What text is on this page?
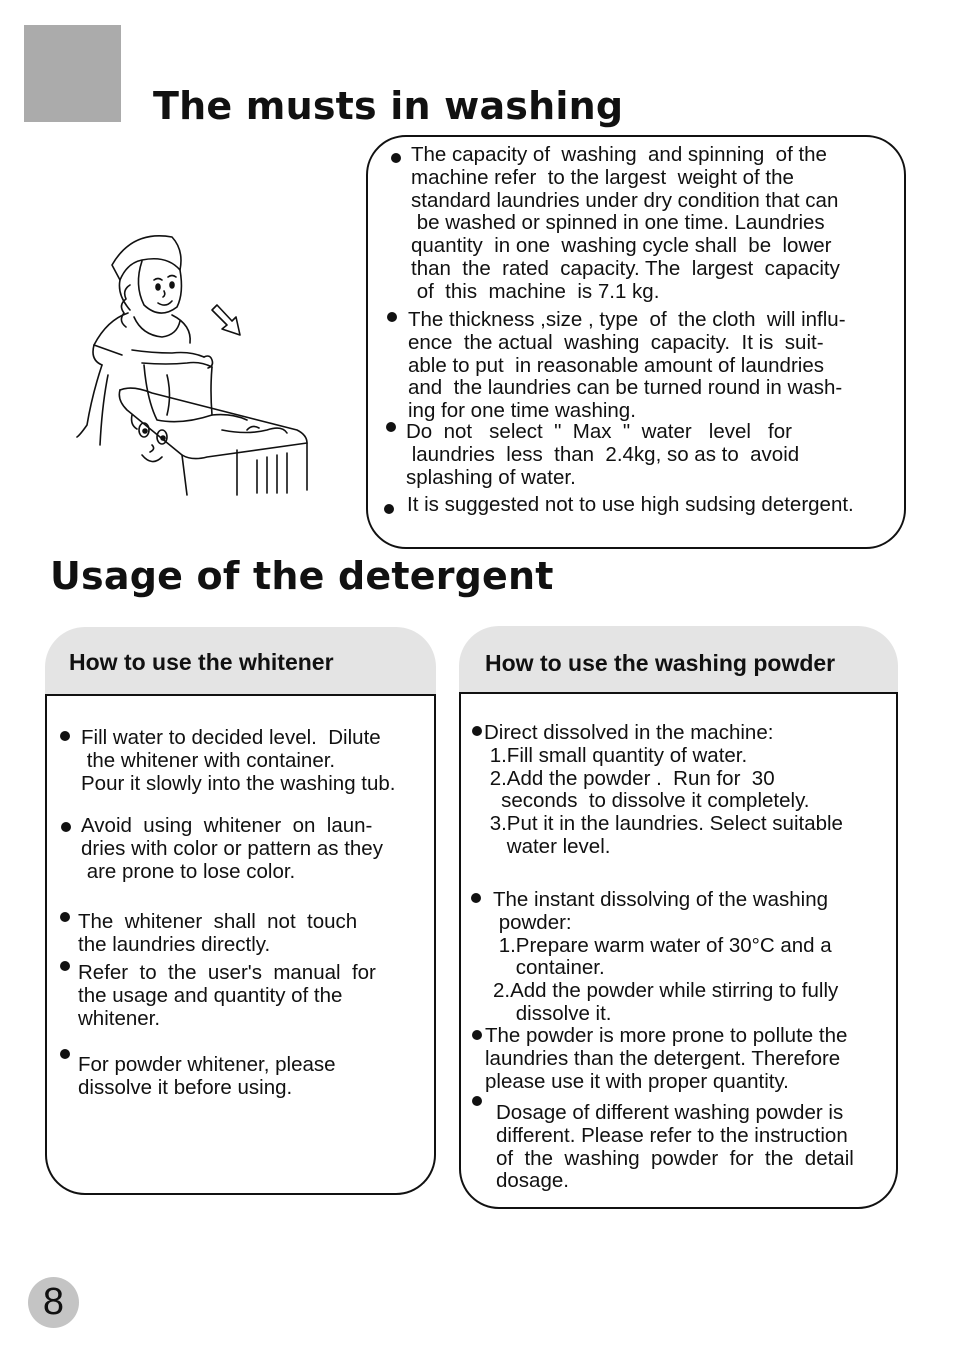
The musts in washing
The capacity of  washing  and spinning  of the
machine refer  to the largest  weight of the
standard laundries under dry condition that can
be washed or spinned in one time. Laundries
quantity  in one  washing cycle shall  be  lower
than  the  rated  capacity. The  largest  capacity
of  this  machine  is 7.1 kg.
The thickness ,size , type  of  the cloth  will influ-
ence  the actual  washing  capacity.  It is  suit-
able to put  in reasonable amount of laundries
and  the laundries can be turned round in wash-
ing for one time washing.
Do  not   select  "  Max  "  water   level   for
laundries  less  than  2.4kg, so as to  avoid
splashing of water.
It is suggested not to use high sudsing detergent.
Usage of the detergent
How to use the whitener
Fill water to decided level.  Dilute
the whitener with container.
Pour it slowly into the washing tub.
Avoid  using  whitener  on  laun-
dries with color or pattern as they
are prone to lose color.
The  whitener  shall  not  touch
the laundries directly.
Refer  to  the  user's  manual  for
the usage and quantity of the
whitener.
For powder whitener, please
dissolve it before using.
How to use the washing powder
Direct dissolved in the machine:
1.Fill small quantity of water.
2.Add the powder .  Run for  30
seconds  to dissolve it completely.
3.Put it in the laundries. Select suitable
water level.
The instant dissolving of the washing
powder:
1.Prepare warm water of 30°C and a
container.
2.Add the powder while stirring to fully
dissolve it.
The powder is more prone to pollute the
laundries than the detergent. Therefore
please use it with proper quantity.
Dosage of different washing powder is
different. Please refer to the instruction
of  the  washing  powder  for  the  detail
dosage.
8
